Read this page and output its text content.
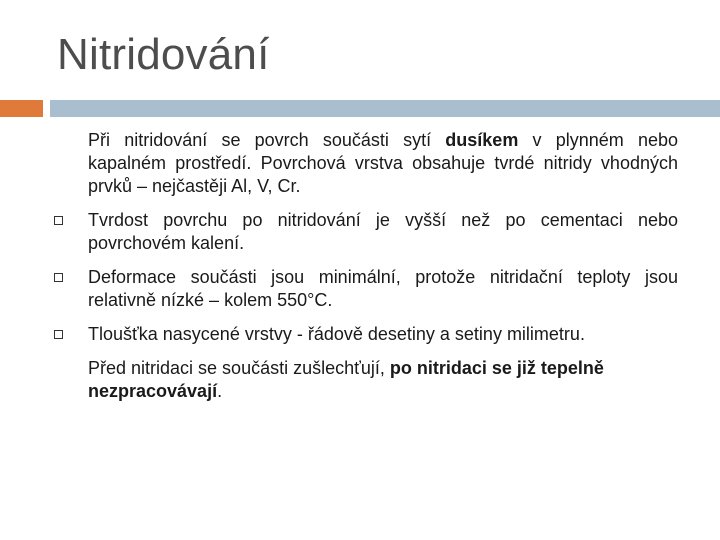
Nitridování

Při nitridování se povrch součásti sytí dusíkem v plynném nebo kapalném prostředí. Povrchová vrstva obsahuje tvrdé nitridy vhodných prvků – nejčastěji Al, V, Cr.

Tvrdost povrchu po nitridování je vyšší než po cementaci nebo povrchovém kalení.

Deformace součásti jsou minimální, protože nitridační teploty jsou relativně nízké – kolem 550°C.

Tloušťka nasycené vrstvy - řádově desetiny a setiny milimetru.

Před nitridaci se součásti zušlechťují, po nitridaci se již tepelně nezpracovávají.
